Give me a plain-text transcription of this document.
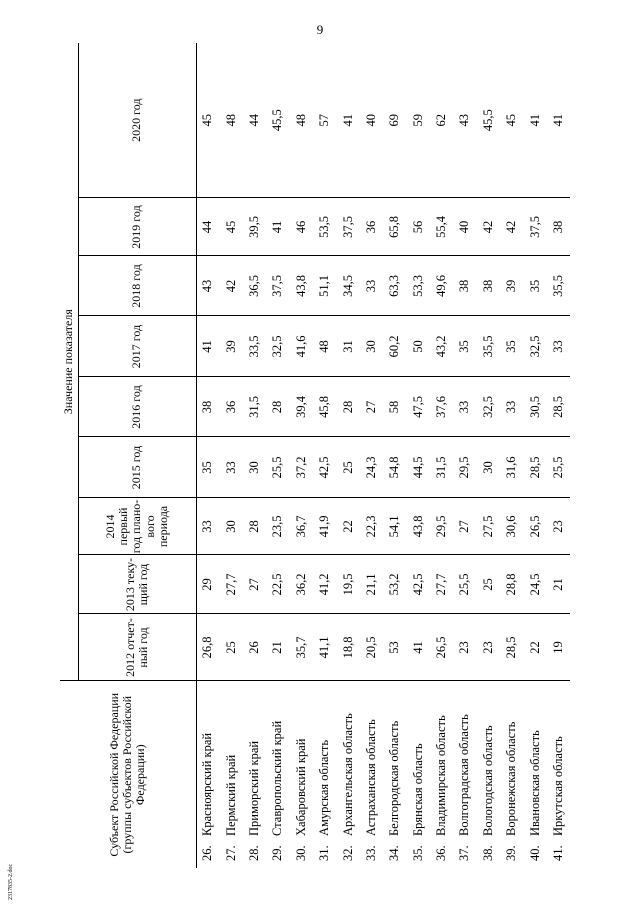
9
Субъект Российской Федерации (группы субъектов Российской Федерации)		Значение показателя								
		2012 отчет-ный год	2013 теку-щий год	2014 первый год плано-вого периода	2015 год	2016 год	2017 год	2018 год	2019 год	2020 год
26.	Красноярский край	26,8	29	33	35	38	41	43	44	45
27.	Пермский край	25	27,7	30	33	36	39	42	45	48
28.	Приморский край	26	27	28	30	31,5	33,5	36,5	39,5	44
29.	Ставропольский край	21	22,5	23,5	25,5	28	32,5	37,5	41	45,5
30.	Хабаровский край	35,7	36,2	36,7	37,2	39,4	41,6	43,8	46	48
31.	Амурская область	41,1	41,2	41,9	42,5	45,8	48	51,1	53,5	57
32.	Архангельская область	18,8	19,5	22	25	28	31	34,5	37,5	41
33.	Астраханская область	20,5	21,1	22,3	24,3	27	30	33	36	40
34.	Белгородская область	53	53,2	54,1	54,8	58	60,2	63,3	65,8	69
35.	Брянская область	41	42,5	43,8	44,5	47,5	50	53,3	56	59
36.	Владимирская область	26,5	27,7	29,5	31,5	37,6	43,2	49,6	55,4	62
37.	Волгоградская область	23	25,5	27	29,5	33	35	38	40	43
38.	Вологодская область	23	25	27,5	30	32,5	35,5	38	42	45,5
39.	Воронежская область	28,5	28,8	30,6	31,6	33	35	39	42	45
40.	Ивановская область	22	24,5	26,5	28,5	30,5	32,5	35	37,5	41
41.	Иркутская область	19	21	23	25,5	28,5	33	35,5	38	41
2317835-2.doc
